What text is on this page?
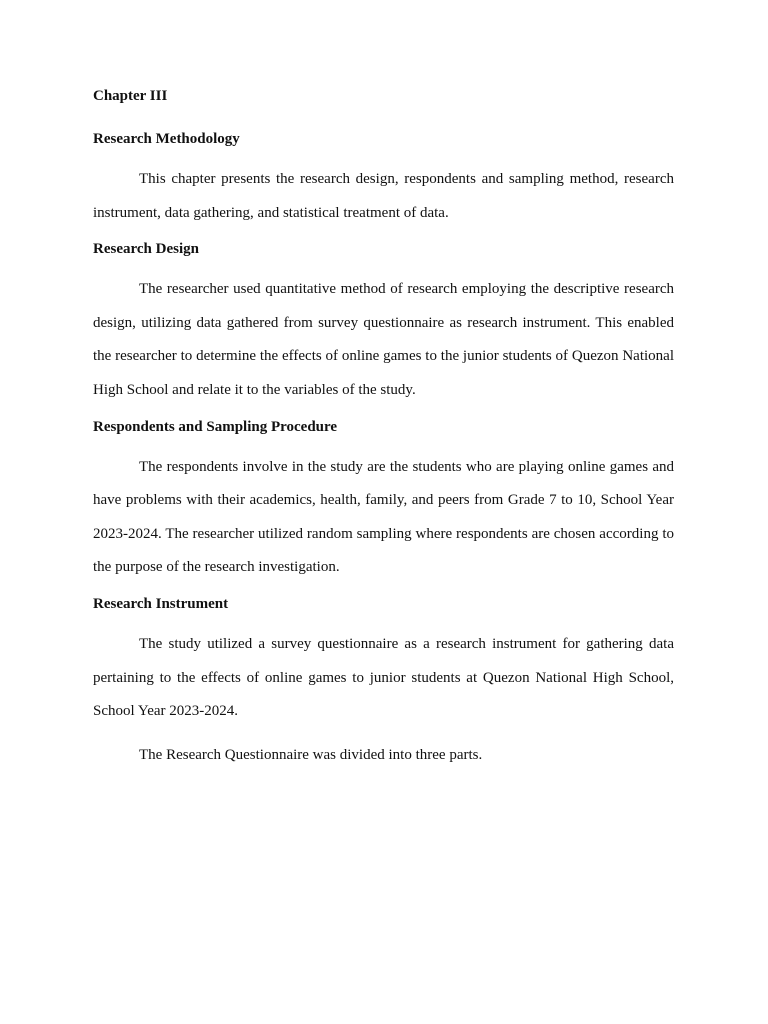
Chapter III

Research Methodology

This chapter presents the research design, respondents and sampling method, research instrument, data gathering, and statistical treatment of data.

Research Design

The researcher used quantitative method of research employing the descriptive research design, utilizing data gathered from survey questionnaire as research instrument. This enabled the researcher to determine the effects of online games to the junior students of Quezon National High School and relate it to the variables of the study.

Respondents and Sampling Procedure

The respondents involve in the study are the students who are playing online games and have problems with their academics, health, family, and peers from Grade 7 to 10, School Year 2023-2024. The researcher utilized random sampling where respondents are chosen according to the purpose of the research investigation.

Research Instrument

The study utilized a survey questionnaire as a research instrument for gathering data pertaining to the effects of online games to junior students at Quezon National High School, School Year 2023-2024.

The Research Questionnaire was divided into three parts.
